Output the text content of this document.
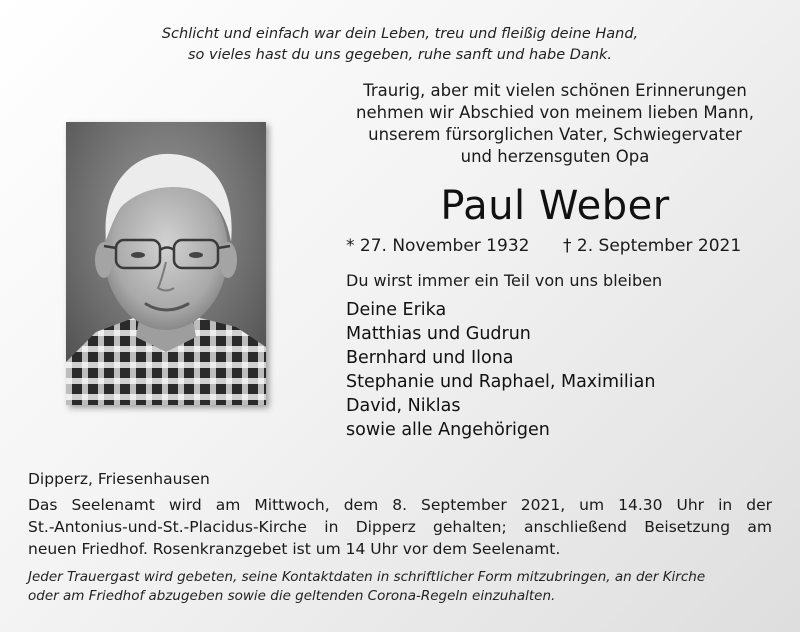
Schlicht und einfach war dein Leben, treu und fleißig deine Hand,
so vieles hast du uns gegeben, ruhe sanft und habe Dank.
Traurig, aber mit vielen schönen Erinnerungen
nehmen wir Abschied von meinem lieben Mann,
unserem fürsorglichen Vater, Schwiegervater
und herzensguten Opa
Paul Weber
* 27. November 1932 † 2. September 2021
Du wirst immer ein Teil von uns bleiben
Deine Erika
Matthias und Gudrun
Bernhard und Ilona
Stephanie und Raphael, Maximilian
David, Niklas
sowie alle Angehörigen
Dipperz, Friesenhausen
Das Seelenamt wird am Mittwoch, dem 8. September 2021, um 14.30 Uhr in der
St.-Antonius-und-St.-Placidus-Kirche in Dipperz gehalten; anschließend Beisetzung am
neuen Friedhof. Rosenkranzgebet ist um 14 Uhr vor dem Seelenamt.
Jeder Trauergast wird gebeten, seine Kontaktdaten in schriftlicher Form mitzubringen, an der Kirche
oder am Friedhof abzugeben sowie die geltenden Corona-Regeln einzuhalten.
